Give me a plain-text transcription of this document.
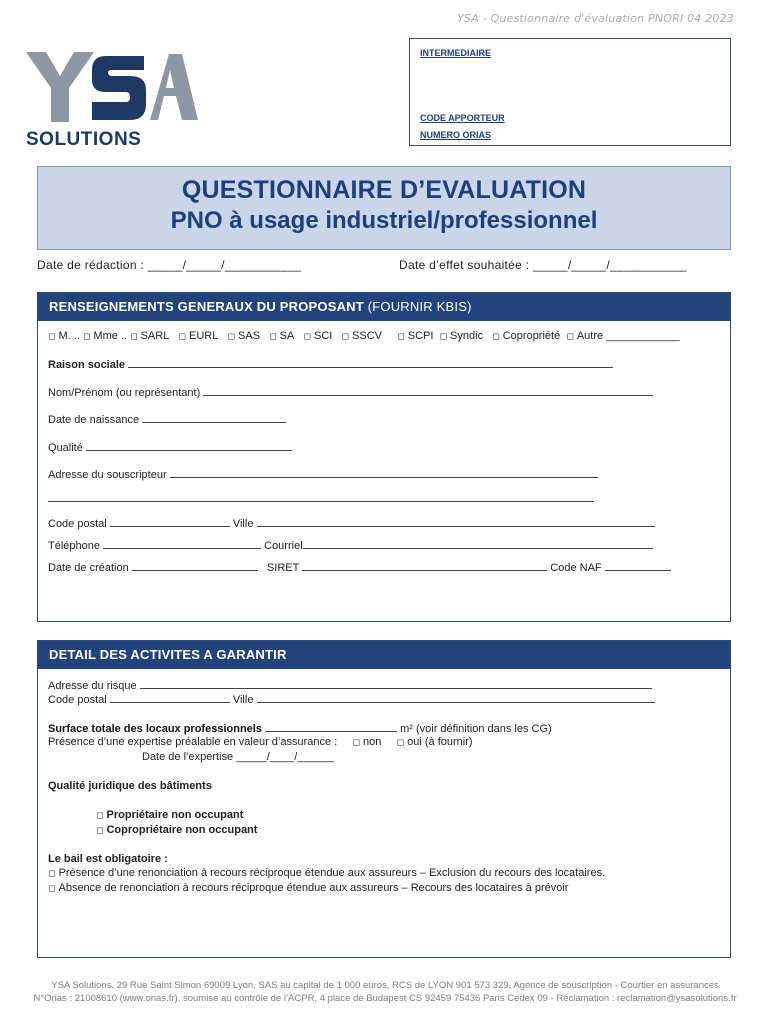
YSA - Questionnaire d'évaluation PNORI 04 2023
SOLUTIONS
INTERMEDIAIRE
CODE APPORTEUR
NUMERO ORIAS
QUESTIONNAIRE D’EVALUATION
PNO à usage industriel/professionnel
Date de rédaction : _____/_____/___________	Date d’effet souhaitée : _____/_____/___________
RENSEIGNEMENTS GENERAUX DU PROPOSANT (FOURNIR KBIS)
◻ M. .. ◻ Mme .. ◻ SARL ◻ EURL ◻ SAS ◻ SA ◻ SCI ◻ SSCV ◻ SCPI ◻ Syndic ◻ Copropriété ◻ Autre ____________
Raison sociale
Nom/Prénom (ou représentant)
Date de naissance
Qualité
Adresse du souscripteur
Code postal	Ville
Téléphone	Courriel
Date de création	SIRET	Code NAF
DETAIL DES ACTIVITES A GARANTIR
Adresse du risque
Code postal	Ville
Surface totale des locaux professionnels	m² (voir définition dans les CG)
Présence d’une expertise préalable en valeur d’assurance : ◻ non ◻ oui (à fournir)
Date de l’expertise _____/____/______
Qualité juridique des bâtiments
◻ Propriétaire non occupant
◻ Copropriétaire non occupant
Le bail est obligatoire :
◻ Présence d’une renonciation à recours réciproque étendue aux assureurs – Exclusion du recours des locataires.
◻ Absence de renonciation à recours réciproque étendue aux assureurs – Recours des locataires à prévoir
YSA Solutions, 29 Rue Saint Simon 69009 Lyon, SAS au capital de 1 000 euros, RCS de LYON 901 573 329, Agence de souscription - Courtier en assurances
N°Orias : 21008610 (www.orias.fr), soumise au contrôle de l’ACPR, 4 place de Budapest CS 92459 75436 Paris Cedex 09 - Réclamation : reclamation@ysasolutions.fr
